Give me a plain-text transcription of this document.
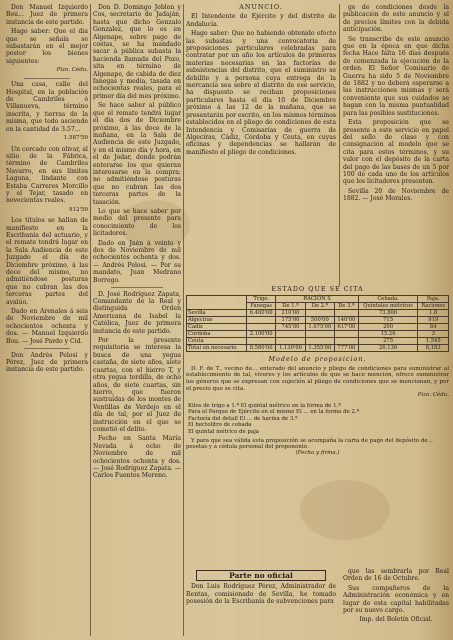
Don Manuel Izquierdo Bou... Juez de primera instancia de este partido.

Hago saber: Que el dia que se señala se subastarán en el mejor postor los bienes siguientes:

Pizo. Cédu.

Una casa, calle del Hospital, en la población de Cambriles ó Villanueva, término inscrita, y tierras de la misma, que todo asciende en la cantidad de 3.57...

1.587'50

Un cercado con olivar, al sitio de la Fábrica, término de Cambriles Navarro, en sus límites Laguna, lindante con Estaba Carreres Morcillo y el Tejar, tasado en novecientas reales.

912'50

Los títulos se hallan de manifiesto en la Escribanía del actuario, y el remate tendrá lugar en la Sala Audiencia de este Juzgado el día de Diciembre próximo, á las doce del mismo, no admitiéndose posturas que no cubran las dos terceras partes del avalúo.

Dado en Arenales á seis de Noviembre de mil ochocientos ochenta y dos. — Manuel Izquierdo Bou. — José Pardo y Cid.

Don Andrés Pelosi y Pérez, Juez de primera instancia de este partido.

Don D. Domingo Joblon y Cos, secretario de Jadaján, hasta que dicho Gonzalo Gonzalez, que lo es en Algenape, sobre pago de costas, se ha mandado sacar á pública subasta la hacienda llamada del Pozo, sita en término de Algenape, de cabida de diez fanegas y media, tasada en ochocientas reales, para el primer día del mes próximo.

Se hace saber al público que el remate tendrá lugar el día dos de Diciembre próximo, á las doce de la mañana, en la Sala de Audiencia de este Juzgado, y en el mismo día y hora, en el de Jodar, donde podrán enterarse los que quieran interesarse en la compra; no admitiéndose posturas que no cubran las dos terceras partes de la tasación.

Lo que se hace saber por medio del presente para conocimiento de los licitadores.

Dado en Jaén á veinte y dos de Noviembre de mil ochocientos ochenta y dos. — Andrés Pelosi. — Por su mandato, Juan Medrano Borrego.

D. José Rodríguez Zapata, Comandante de la Real y distinguida Orden Americana de Isabel la Católica, Juez de primera instancia de este partido.

Por la presente requisitoria se interesa la busca de una yegua castaña, de siete años, siete cuartas, con el hierro T, y otra yegua tordilla, de ocho años, de siete cuartas, sin hierro, que fueron sustraídas de los montes de Ventillas de Verdejo en el día de tal, por el Juez de instrucción en el que se cometió el delito.

Fecho en Santa María Nevada á ocho de Noviembre de mil ochocientos ochenta y dos. — José Rodríguez Zapata. — Carlos Fuentes Moreno.

ANUNCIO.

El Intendente de Ejército y del distrito de Andalucía.

Hago saber: Que no habiendo obtenido efecto las subastas y una convocatoria de proposiciones particulares celebradas para contratar por un año los artículos de primeras materias necesarias en las factorías de subsistencias del distrito, que el suministro se debilite y a persona cuya entrega de la mercancía sea sobre el distrito de ese servicio, ha dispuesto se reciban proposiciones particulares hasta el día 10 de Diciembre próximo á las 12 de la mañana, que se presentarán por escrito, en los mismos términos establecidos en el pliego de condiciones de esta Intendencia y Comisarías de guerra de Algeciras, Cádiz, Córdoba y Ceuta, en cuyas oficinas y dependencias se hallarán de manifiesto el pliego de condiciones.

ge de condiciones desde la publicación de este anuncio y el de precios límites con la debida anticipación.

Se transcribe de este anuncio que en la época en que dicha fecha Hace falta 16 días después de comenzada la ejecución de la orden. El Señor Comisario de Guerra ha sido 5 de Noviembre de 1882 y no deberá esperarse a las instrucciones mismas y será conveniente que sus cuidados se hagan con la misma puntualidad para las posibles sustituciones.

Esta proposición que se presente a este servicio en papel del sello de clase y con consignación al modelo que se cita para estos términos, y su valor con el depósito de la carta del pago de las bases de un 5 por 100 de cada uno de los artículos que los licitadores presenten.

Sevilla 20 de Noviembre de 1882. — José Morales.

ESTADO QUE SE CITA
	Trigo.	RACIÓN S			Cebada.	Paja.
	Fanegas	De 1.ª	De 2.ª	De 3.ª	Quintales métricos	Raciones
Sevilla	6.460'00	210'00			73.800	1.8
Algeciras		175'00	500'00	140'00	715	919
Cádiz		745'00	1.075'00	617'00	200	84
Córdoba	2.100'00				15.26	3
Ceuta					275	1.545
Total un necesario.	8.560'00	1.130'00	1.355'00	777'00	26.136	8,183
Modelo de proposicion.

D. F. de T., vecino de... enterado del anuncio y pliego de condiciones para suministrar al establecimiento de tal, víveres y los artículos de que se hace mención, ofrece suministrar los géneros que se expresan con sujeción al pliego de condiciones que se mencionan, y por el precio que se cita.

Pizo. Cédu.
Kilos de trigo a 1.ª El quintal métrico en la forma de 1.ª
Para el Parque de Ejército en el mismo El ... en la forma de 2.ª
Factoría del detall El ... de harina de 3.ª
El hectolitro de cebada
El quintal métrico de paja

Y para que sea válida esta proposición se acompaña la carta de pago del depósito de... pesetas y á cédula personal del proponente.

(Fecha y firma.)
Parte no oficial

Don Luis Rodríguez Pérez, Administrador de Rentas, comisionado de Sevilla, he tomado posesión de la Escribanía de subvenciones para

que las sembrarla por Real Orden de 16 de Octubre.

Sus compañeros de la Administración económica y en lugar de esta capital habilitadas por su nuevo cargo.

Imp. del Boletín Oficial.
